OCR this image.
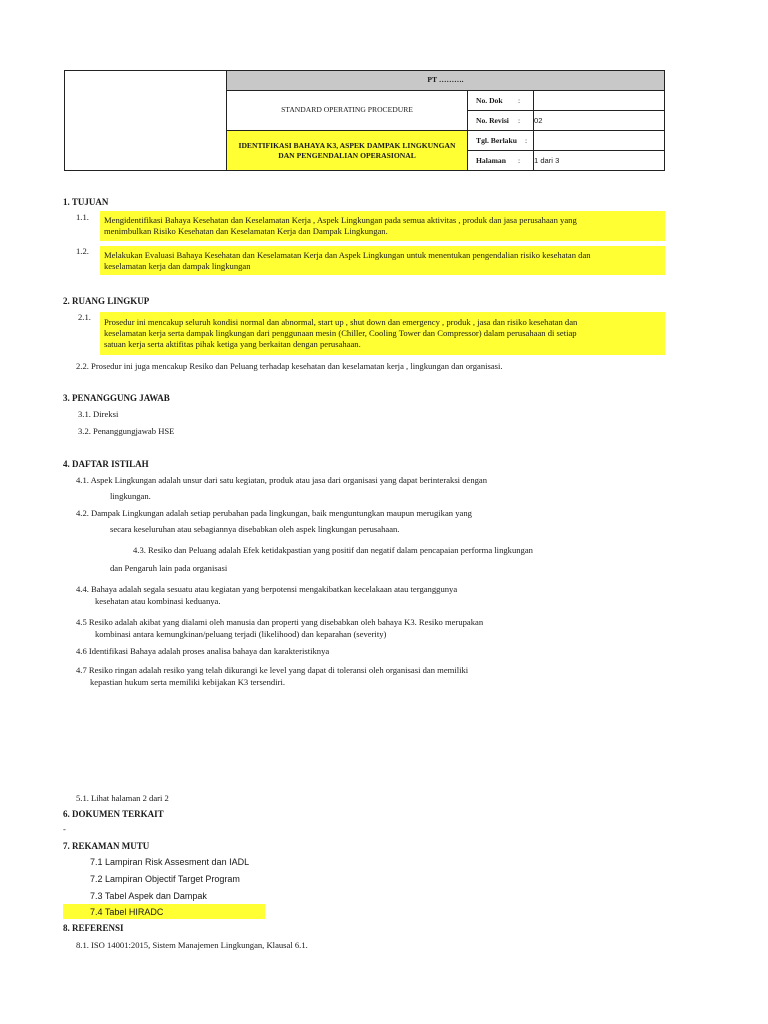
PT ……….
STANDARD OPERATING PROCEDURE
IDENTIFIKASI BAHAYA K3, ASPEK DAMPAK LINGKUNGAN
DAN PENGENDALIAN OPERASIONAL
No. Dok :
No. Revisi : 02
Tgl. Berlaku :
Halaman : 1 dari 3
1. TUJUAN
1.1. Mengidentifikasi Bahaya Kesehatan dan Keselamatan Kerja , Aspek Lingkungan pada semua aktivitas , produk dan jasa perusahaan yang
menimbulkan Risiko Kesehatan dan Keselamatan Kerja dan Dampak Lingkungan.
1.2. Melakukan Evaluasi Bahaya Kesehatan dan Keselamatan Kerja dan Aspek Lingkungan untuk menentukan pengendalian risiko kesehatan dan
keselamatan kerja dan dampak lingkungan
2. RUANG LINGKUP
2.1. Prosedur ini mencakup seluruh kondisi normal dan abnormal, start up , shut down dan emergency , produk , jasa dan risiko kesehatan dan
keselamatan kerja serta dampak lingkungan dari penggunaan mesin (Chiller, Cooling Tower dan Compressor) dalam perusahaan di setiap
satuan kerja serta aktifitas pihak ketiga yang berkaitan dengan perusahaan.
2.2. Prosedur ini juga mencakup Resiko dan Peluang terhadap kesehatan dan keselamatan kerja , lingkungan dan organisasi.
3. PENANGGUNG JAWAB
3.1. Direksi
3.2. Penanggungjawab HSE
4. DAFTAR ISTILAH
4.1. Aspek Lingkungan adalah unsur dari satu kegiatan, produk atau jasa dari organisasi yang dapat berinteraksi dengan
lingkungan.
4.2. Dampak Lingkungan adalah setiap perubahan pada lingkungan, baik menguntungkan maupun merugikan yang
secara keseluruhan atau sebagiannya disebabkan oleh aspek lingkungan perusahaan.
4.3. Resiko dan Peluang adalah Efek ketidakpastian yang positif dan negatif dalam pencapaian performa lingkungan
dan Pengaruh lain pada organisasi
4.4. Bahaya adalah segala sesuatu atau kegiatan yang berpotensi mengakibatkan kecelakaan atau terganggunya
kesehatan atau kombinasi keduanya.
4.5 Resiko adalah akibat yang dialami oleh manusia dan properti yang disebabkan oleh bahaya K3. Resiko merupakan
kombinasi antara kemungkinan/peluang terjadi (likelihood) dan keparahan (severity)
4.6 Identifikasi Bahaya adalah proses analisa bahaya dan karakteristiknya
4.7 Resiko ringan adalah resiko yang telah dikurangi ke level yang dapat di toleransi oleh organisasi dan memiliki
kepastian hukum serta memiliki kebijakan K3 tersendiri.
5.1. Lihat halaman 2 dari 2
6. DOKUMEN TERKAIT
-
7. REKAMAN MUTU
7.1 Lampiran Risk Assesment dan IADL
7.2 Lampiran Objectif Target Program
7.3 Tabel Aspek dan Dampak
7.4 Tabel HIRADC
8. REFERENSI
8.1. ISO 14001:2015, Sistem Manajemen Lingkungan, Klausal 6.1.
